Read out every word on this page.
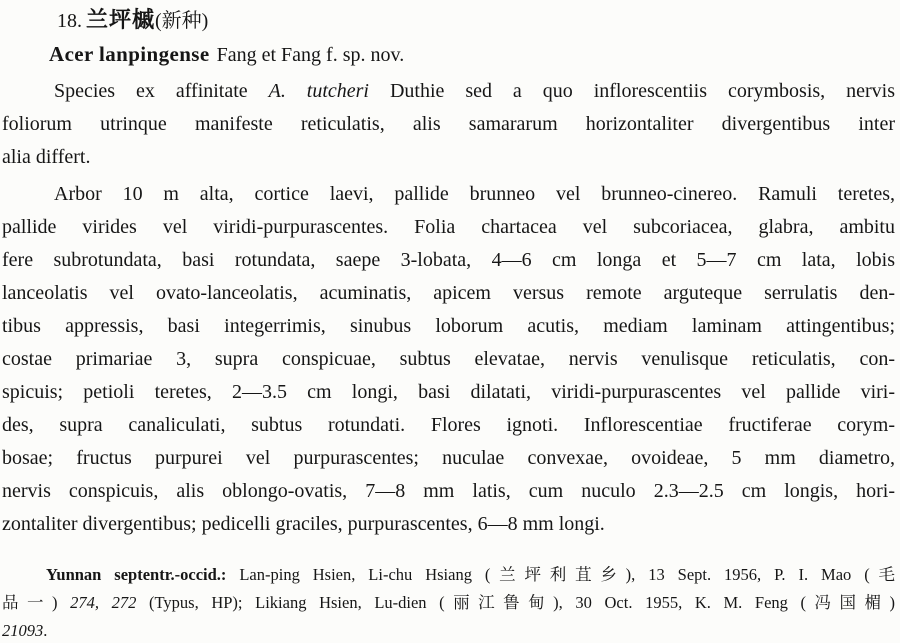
18. 兰坪槭(新种)
Acer lanpingense Fang et Fang f. sp. nov.
Species ex affinitate A. tutcheri Duthie sed a quo inflorescentiis corymbosis, nervis
foliorum utrinque manifeste reticulatis, alis samararum horizontaliter divergentibus inter
alia differt.
Arbor 10 m alta, cortice laevi, pallide brunneo vel brunneo-cinereo. Ramuli teretes,
pallide virides vel viridi-purpurascentes. Folia chartacea vel subcoriacea, glabra, ambitu
fere subrotundata, basi rotundata, saepe 3-lobata, 4—6 cm longa et 5—7 cm lata, lobis
lanceolatis vel ovato-lanceolatis, acuminatis, apicem versus remote arguteque serrulatis den-
tibus appressis, basi integerrimis, sinubus loborum acutis, mediam laminam attingentibus;
costae primariae 3, supra conspicuae, subtus elevatae, nervis venulisque reticulatis, con-
spicuis; petioli teretes, 2—3.5 cm longi, basi dilatati, viridi-purpurascentes vel pallide viri-
des, supra canaliculati, subtus rotundati. Flores ignoti. Inflorescentiae fructiferae corym-
bosae; fructus purpurei vel purpurascentes; nuculae convexae, ovoideae, 5 mm diametro,
nervis conspicuis, alis oblongo-ovatis, 7—8 mm latis, cum nuculo 2.3—2.5 cm longis, hori-
zontaliter divergentibus; pedicelli graciles, purpurascentes, 6—8 mm longi.
Yunnan septentr.-occid.: Lan-ping Hsien, Li-chu Hsiang (兰坪利苴乡), 13 Sept. 1956, P. I. Mao (毛
品一) 274, 272 (Typus, HP); Likiang Hsien, Lu-dien (丽江鲁甸), 30 Oct. 1955, K. M. Feng (冯国楣)
21093.
